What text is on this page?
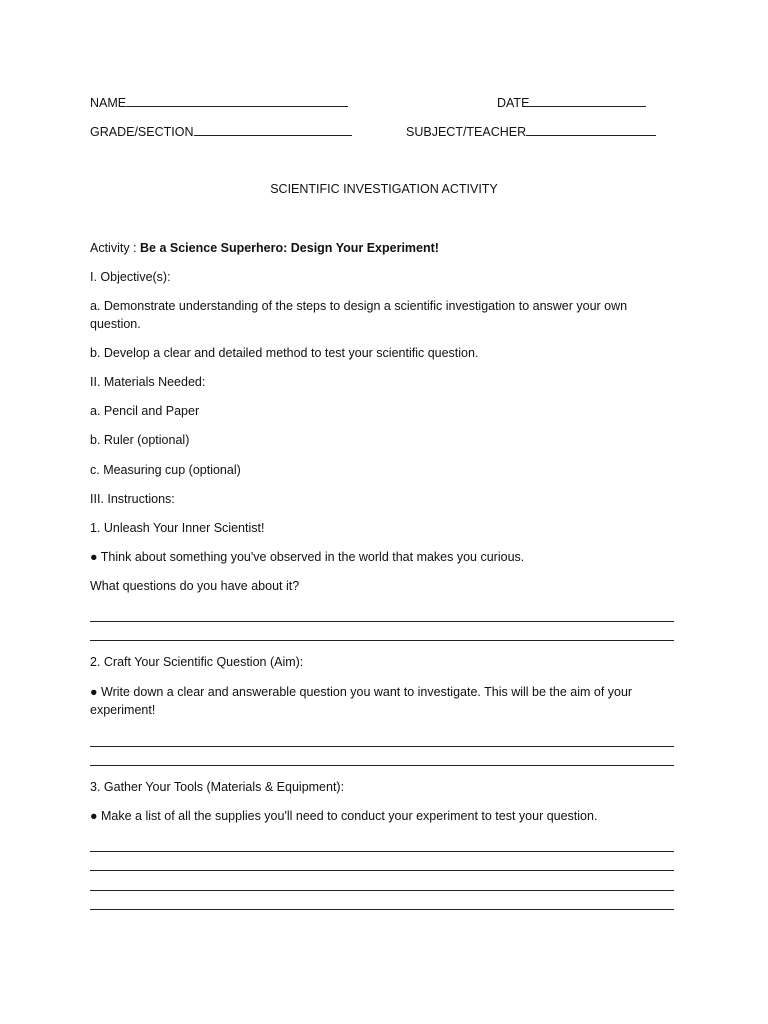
NAME	DATE
GRADE/SECTION	SUBJECT/TEACHER
SCIENTIFIC INVESTIGATION ACTIVITY
Activity : Be a Science Superhero: Design Your Experiment!
I. Objective(s):
a. Demonstrate understanding of the steps to design a scientific investigation to answer your own question.
b. Develop a clear and detailed method to test your scientific question.
II. Materials Needed:
a. Pencil and Paper
b. Ruler (optional)
c. Measuring cup (optional)
III. Instructions:
1. Unleash Your Inner Scientist!
● Think about something you've observed in the world that makes you curious.
What questions do you have about it?
2. Craft Your Scientific Question (Aim):
● Write down a clear and answerable question you want to investigate. This will be the aim of your experiment!
3. Gather Your Tools (Materials & Equipment):
● Make a list of all the supplies you'll need to conduct your experiment to test your question.
